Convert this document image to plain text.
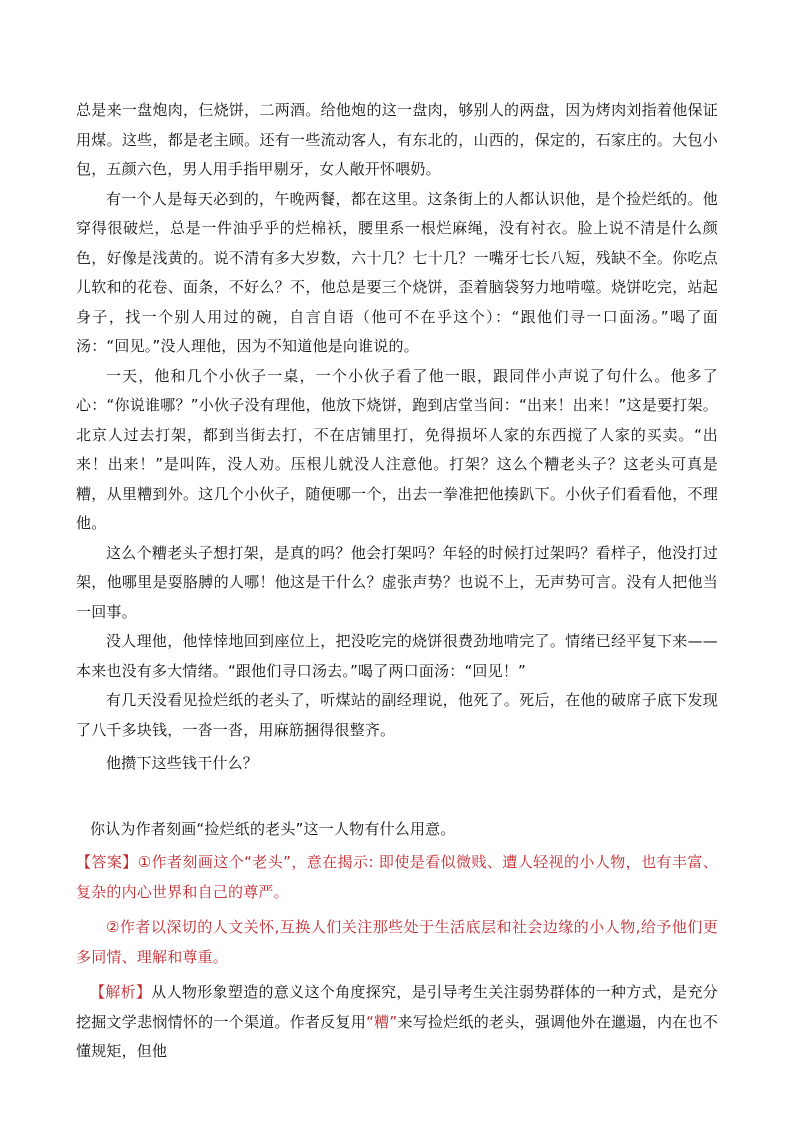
总是来一盘炮肉，仨烧饼，二两酒。给他炮的这一盘肉，够别人的两盘，因为烤肉刘指着他保证用煤。这些，都是老主顾。还有一些流动客人，有东北的，山西的，保定的，石家庄的。大包小包，五颜六色，男人用手指甲剔牙，女人敞开怀喂奶。

有一个人是每天必到的，午晚两餐，都在这里。这条街上的人都认识他，是个捡烂纸的。他穿得很破烂，总是一件油乎乎的烂棉袄，腰里系一根烂麻绳，没有衬衣。脸上说不清是什么颜色，好像是浅黄的。说不清有多大岁数，六十几？七十几？一嘴牙七长八短，残缺不全。你吃点儿软和的花卷、面条，不好么？不，他总是要三个烧饼，歪着脑袋努力地啃噬。烧饼吃完，站起身子，找一个别人用过的碗，自言自语（他可不在乎这个）：“跟他们寻一口面汤。”喝了面汤：“回见。”没人理他，因为不知道他是向谁说的。

一天，他和几个小伙子一桌，一个小伙子看了他一眼，跟同伴小声说了句什么。他多了心：“你说谁哪？”小伙子没有理他，他放下烧饼，跑到店堂当间：“出来！出来！”这是要打架。北京人过去打架，都到当街去打，不在店铺里打，免得损坏人家的东西搅了人家的买卖。“出来！出来！”是叫阵，没人劝。压根儿就没人注意他。打架？这么个糟老头子？这老头可真是糟，从里糟到外。这几个小伙子，随便哪一个，出去一拳准把他揍趴下。小伙子们看看他，不理他。

这么个糟老头子想打架，是真的吗？他会打架吗？年轻的时候打过架吗？看样子，他没打过架，他哪里是耍胳膊的人哪！他这是干什么？虚张声势？也说不上，无声势可言。没有人把他当一回事。

没人理他，他悻悻地回到座位上，把没吃完的烧饼很费劲地啃完了。情绪已经平复下来——本来也没有多大情绪。“跟他们寻口汤去。”喝了两口面汤：“回见！”

有几天没看见捡烂纸的老头了，听煤站的副经理说，他死了。死后，在他的破席子底下发现了八千多块钱，一沓一沓，用麻筋捆得很整齐。

他攒下这些钱干什么？

你认为作者刻画“捡烂纸的老头”这一人物有什么用意。

【答案】①作者刻画这个“老头”，意在揭示: 即使是看似微贱、遭人轻视的小人物，也有丰富、复杂的内心世界和自己的尊严。

②作者以深切的人文关怀,互换人们关注那些处于生活底层和社会边缘的小人物,给予他们更多同情、理解和尊重。

【解析】从人物形象塑造的意义这个角度探究，是引导考生关注弱势群体的一种方式，是充分挖掘文学悲悯情怀的一个渠道。作者反复用“糟”来写捡烂纸的老头，强调他外在邋遢，内在也不懂规矩，但他
